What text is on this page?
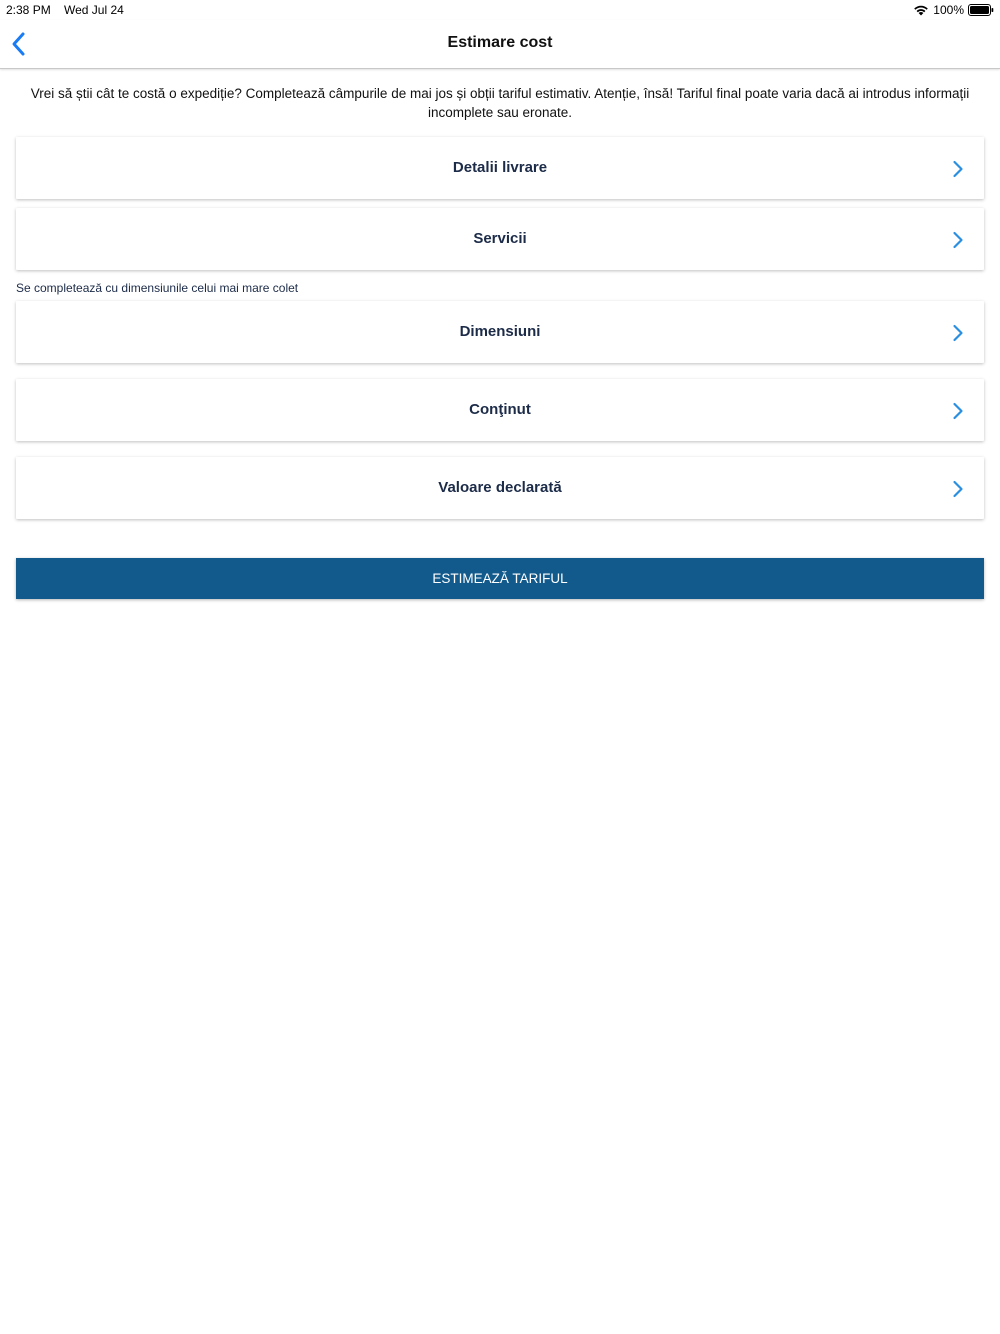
2:38 PM Wed Jul 24	100%
Estimare cost
Vrei să știi cât te costă o expediție? Completează câmpurile de mai jos și obții tariful estimativ. Atenție, însă! Tariful final poate varia dacă ai introdus informații incomplete sau eronate.
Detalii livrare
Servicii
Se completează cu dimensiunile celui mai mare colet
Dimensiuni
Conţinut
Valoare declarată
ESTIMEAZĂ TARIFUL
